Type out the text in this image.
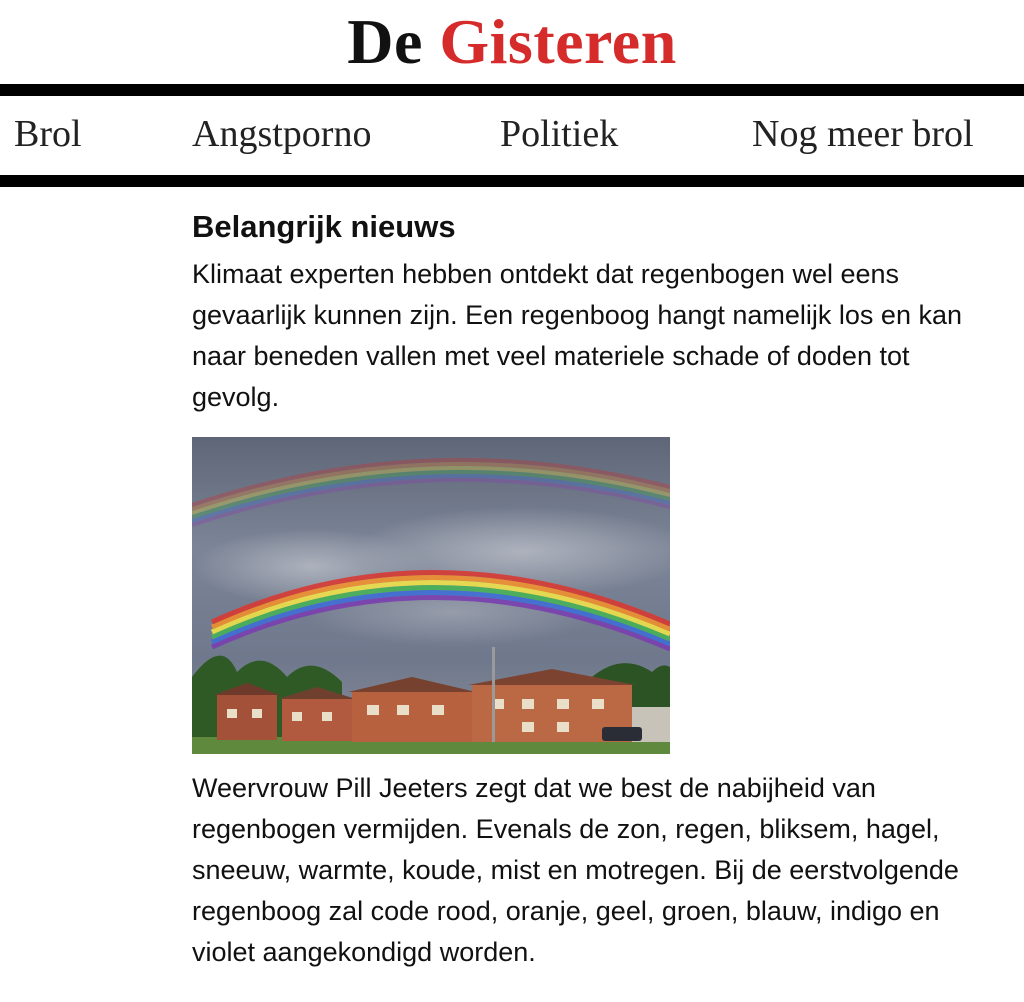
De Gisteren
Brol	Angstporno	Politiek	Nog meer brol
Belangrijk nieuws

Klimaat experten hebben ontdekt dat regenbogen wel eens gevaarlijk kunnen zijn. Een regenboog hangt namelijk los en kan naar beneden vallen met veel materiele schade of doden tot gevolg.

Weervrouw Pill Jeeters zegt dat we best de nabijheid van regenbogen vermijden. Evenals de zon, regen, bliksem, hagel, sneeuw, warmte, koude, mist en motregen. Bij de eerstvolgende regenboog zal code rood, oranje, geel, groen, blauw, indigo en violet aangekondigd worden.
